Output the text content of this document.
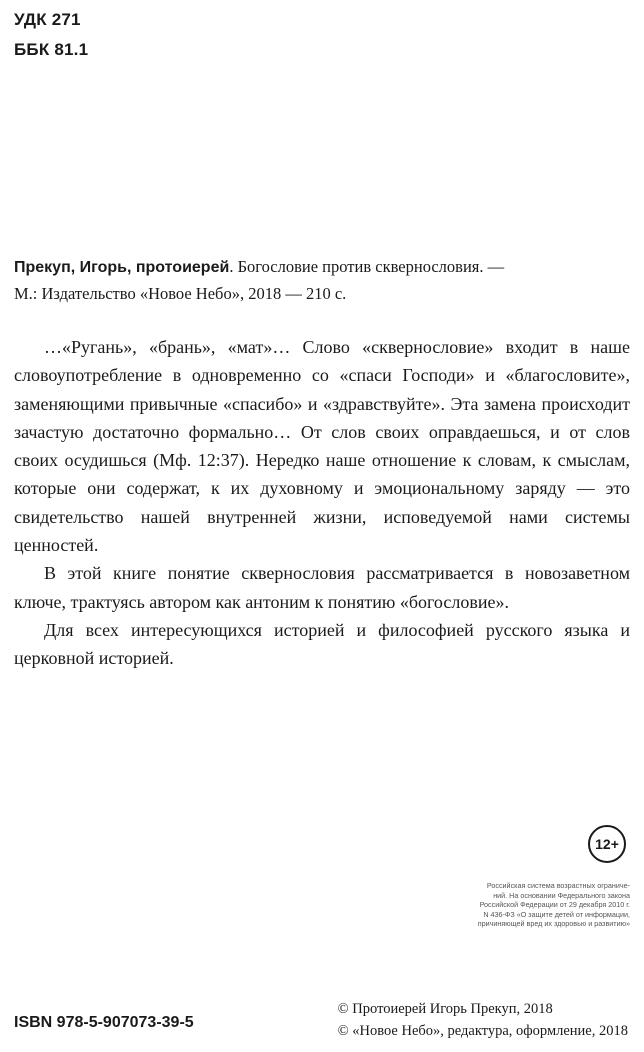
УДК 271
ББК 81.1
Прекуп, Игорь, протоиерей. Богословие против сквернословия. —
М.: Издательство «Новое Небо», 2018 — 210 с.

…«Ругань», «брань», «мат»… Слово «сквернословие» входит в наше словоупотребление в одновременно со «спаси Господи» и «благословите», заменяющими привычные «спасибо» и «здравствуйте». Эта замена происходит зачастую достаточно формально… От слов своих оправдаешься, и от слов своих осудишься (Мф. 12:37). Нередко наше отношение к словам, к смыслам, которые они содержат, к их духовному и эмоциональному заряду — это свидетельство нашей внутренней жизни, исповедуемой нами системы ценностей.

В этой книге понятие сквернословия рассматривается в новозаветном ключе, трактуясь автором как антоним к понятию «богословие».

Для всех интересующихся историей и философией русского языка и церковной историей.

12+
Российская система возрастных ограниче-
ний. На основании Федерального закона
Российской Федерации от 29 декабря 2010 г.
N 436-ФЗ «О защите детей от информации,
причиняющей вред их здоровью и развитию»
ISBN 978-5-907073-39-5
© Протоиерей Игорь Прекуп, 2018
© «Новое Небо», редактура, оформление, 2018
